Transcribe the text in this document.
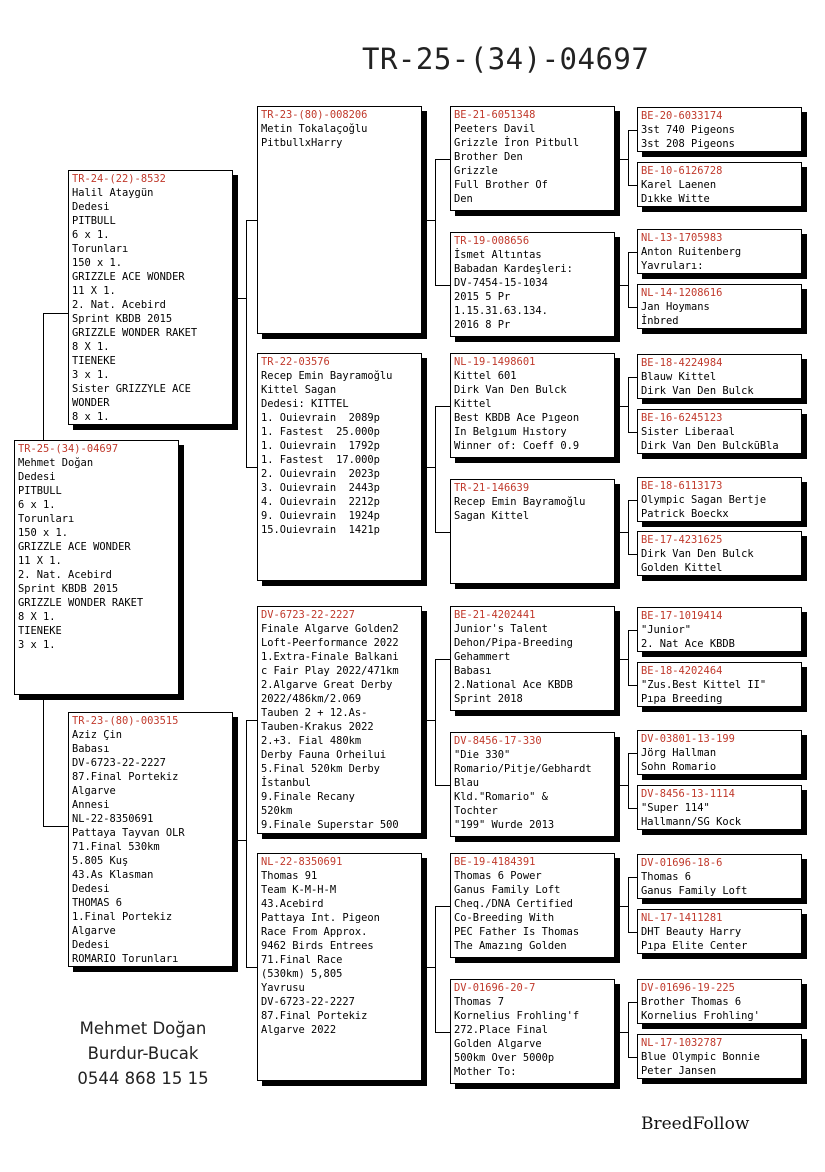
TR-25-(34)-04697
TR-25-(34)-04697
Mehmet Doğan
Dedesi
PITBULL
6 x 1.
Torunları
150 x 1.
GRIZZLE ACE WONDER
11 X 1.
2. Nat. Acebird
Sprint KBDB 2015
GRIZZLE WONDER RAKET
8 X 1.
TIENEKE
3 x 1.
TR-24-(22)-8532
Halil Ataygün
Dedesi
PITBULL
6 x 1.
Torunları
150 x 1.
GRIZZLE ACE WONDER
11 X 1.
2. Nat. Acebird
Sprint KBDB 2015
GRIZZLE WONDER RAKET
8 X 1.
TIENEKE
3 x 1.
Sister GRIZZYLE ACE
WONDER
8 x 1.
TR-23-(80)-003515
Aziz Çin
Babası
DV-6723-22-2227
87.Final Portekiz
Algarve
Annesi
NL-22-8350691
Pattaya Tayvan OLR
71.Final 530km
5.805 Kuş
43.As Klasman
Dedesi
THOMAS 6
1.Final Portekiz
Algarve
Dedesi
ROMARIO Torunları
TR-23-(80)-008206
Metin Tokalaçoğlu
PitbullxHarry
TR-22-03576
Recep Emin Bayramoğlu
Kittel Sagan
Dedesi: KITTEL
1. Ouievrain  2089p
1. Fastest  25.000p
1. Ouievrain  1792p
1. Fastest  17.000p
2. Ouievrain  2023p
3. Ouievrain  2443p
4. Ouievrain  2212p
9. Ouievrain  1924p
15.Ouievrain  1421p
DV-6723-22-2227
Finale Algarve Golden2
Loft-Peerformance 2022
1.Extra-Finale Balkani
c Fair Play 2022/471km
2.Algarve Great Derby
2022/486km/2.069
Tauben 2 + 12.As-
Tauben-Krakus 2022
2.+3. Fial 480km
Derby Fauna Orheilui
5.Final 520km Derby
İstanbul
9.Finale Recany
520km
9.Finale Superstar 500
NL-22-8350691
Thomas 91
Team K-M-H-M
43.Acebird
Pattaya Int. Pigeon
Race From Approx.
9462 Birds Entrees
71.Final Race
(530km) 5,805
Yavrusu
DV-6723-22-2227
87.Final Portekiz
Algarve 2022
BE-21-6051348
Peeters Davil
Grizzle İron Pitbull
Brother Den
Grizzle
Full Brother Of
Den
TR-19-008656
İsmet Altıntas
Babadan Kardeşleri:
DV-7454-15-1034
2015 5 Pr
1.15.31.63.134.
2016 8 Pr
NL-19-1498601
Kittel 601
Dirk Van Den Bulck
Kittel
Best KBDB Ace Pıgeon
In Belgıum Hıstory
Winner of: Coeff 0.9
TR-21-146639
Recep Emin Bayramoğlu
Sagan Kittel
BE-21-4202441
Junior's Talent
Dehon/Pipa-Breeding
Gehammert
Babası
2.National Ace KBDB
Sprint 2018
DV-8456-17-330
"Die 330"
Romario/Pitje/Gebhardt
Blau
Kld."Romario" &
Tochter
"199" Wurde 2013
BE-19-4184391
Thomas 6 Power
Ganus Family Loft
Cheq./DNA Certified
Co-Breeding With
PEC Father Is Thomas
The Amazıng Golden
DV-01696-20-7
Thomas 7
Kornelius Frohling'f
272.Place Final
Golden Algarve
500km Over 5000p
Mother To:
BE-20-6033174
3st 740 Pigeons
3st 208 Pigeons
BE-10-6126728
Karel Laenen
Dıkke Witte
NL-13-1705983
Anton Ruitenberg
Yavruları:
NL-14-1208616
Jan Hoymans
İnbred
BE-18-4224984
Blauw Kittel
Dirk Van Den Bulck
BE-16-6245123
Sister Liberaal
Dirk Van Den BulckūBla
BE-18-6113173
Olympic Sagan Bertje
Patrick Boeckx
BE-17-4231625
Dirk Van Den Bulck
Golden Kittel
BE-17-1019414
"Junior"
2. Nat Ace KBDB
BE-18-4202464
"Zus.Best Kittel II"
Pıpa Breeding
DV-03801-13-199
Jörg Hallman
Sohn Romario
DV-8456-13-1114
"Super 114"
Hallmann/SG Kock
DV-01696-18-6
Thomas 6
Ganus Family Loft
NL-17-1411281
DHT Beauty Harry
Pıpa Elite Center
DV-01696-19-225
Brother Thomas 6
Kornelius Frohling'
NL-17-1032787
Blue Olympic Bonnie
Peter Jansen
Mehmet Doğan
Burdur-Bucak
0544 868 15 15
BreedFollow
